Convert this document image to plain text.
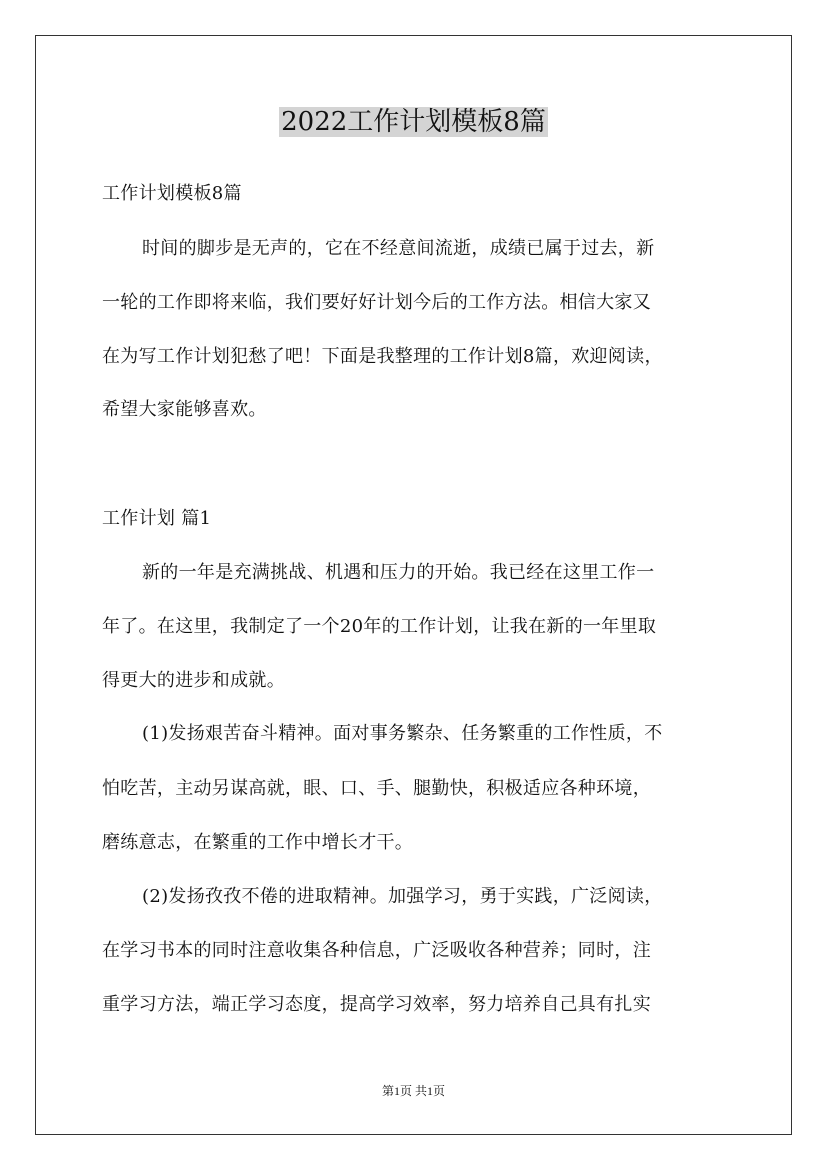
2022工作计划模板8篇
工作计划模板8篇
时间的脚步是无声的，它在不经意间流逝，成绩已属于过去，新
一轮的工作即将来临，我们要好好计划今后的工作方法。相信大家又
在为写工作计划犯愁了吧！下面是我整理的工作计划8篇，欢迎阅读，
希望大家能够喜欢。
工作计划 篇1
新的一年是充满挑战、机遇和压力的开始。我已经在这里工作一
年了。在这里，我制定了一个20年的工作计划，让我在新的一年里取
得更大的进步和成就。
(1)发扬艰苦奋斗精神。面对事务繁杂、任务繁重的工作性质，不
怕吃苦，主动另谋高就，眼、口、手、腿勤快，积极适应各种环境，
磨练意志，在繁重的工作中增长才干。
(2)发扬孜孜不倦的进取精神。加强学习，勇于实践，广泛阅读，
在学习书本的同时注意收集各种信息，广泛吸收各种营养；同时，注
重学习方法，端正学习态度，提高学习效率，努力培养自己具有扎实
第1页 共1页
